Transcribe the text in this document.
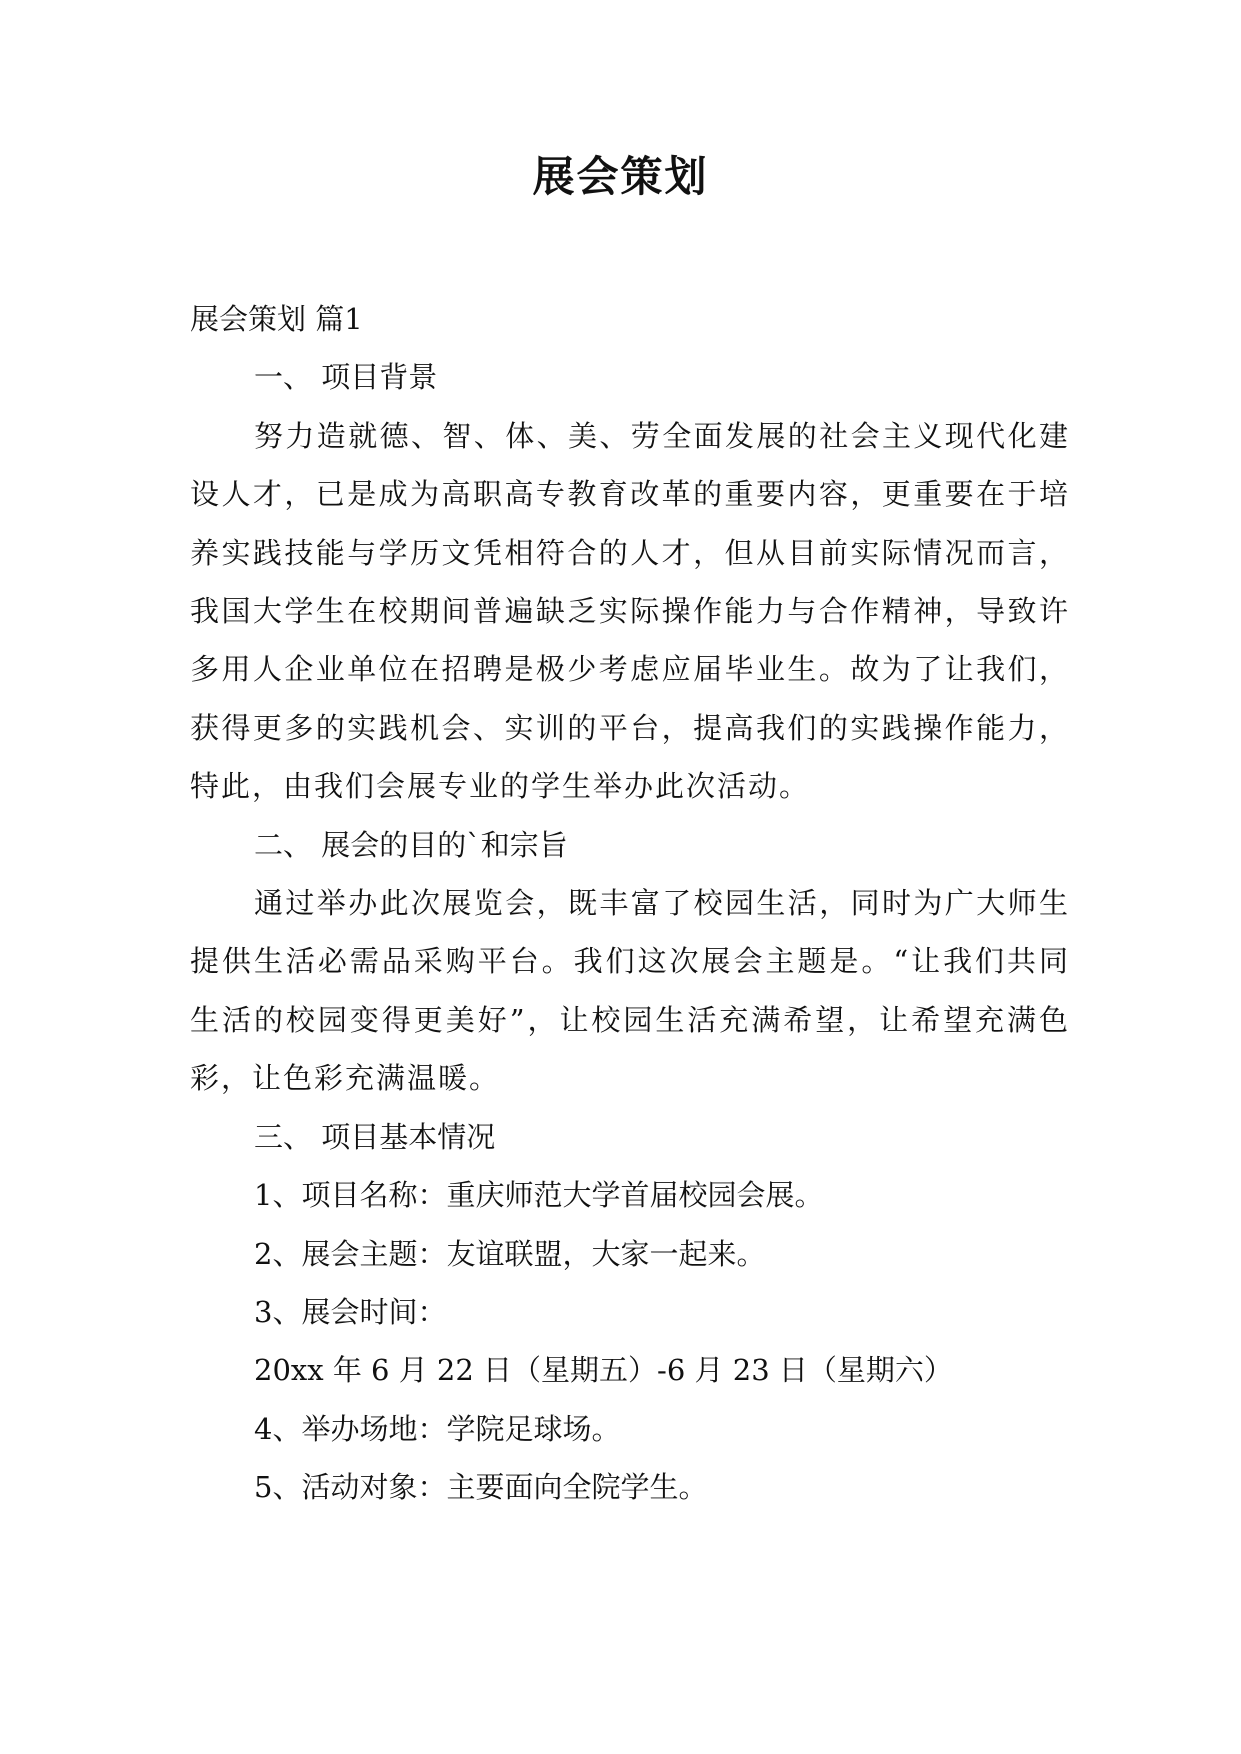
展会策划

展会策划 篇1

一、 项目背景

努力造就德、智、体、美、劳全面发展的社会主义现代化建设人才，已是成为高职高专教育改革的重要内容，更重要在于培养实践技能与学历文凭相符合的人才，但从目前实际情况而言，我国大学生在校期间普遍缺乏实际操作能力与合作精神，导致许多用人企业单位在招聘是极少考虑应届毕业生。故为了让我们，获得更多的实践机会、实训的平台，提高我们的实践操作能力，特此，由我们会展专业的学生举办此次活动。

二、 展会的目的`和宗旨

通过举办此次展览会，既丰富了校园生活，同时为广大师生提供生活必需品采购平台。我们这次展会主题是。“让我们共同生活的校园变得更美好”，让校园生活充满希望，让希望充满色彩，让色彩充满温暖。

三、 项目基本情况

1、项目名称：重庆师范大学首届校园会展。

2、展会主题：友谊联盟，大家一起来。

3、展会时间：

20xx 年 6 月 22 日（星期五）-6 月 23 日（星期六）

4、举办场地：学院足球场。

5、活动对象：主要面向全院学生。
